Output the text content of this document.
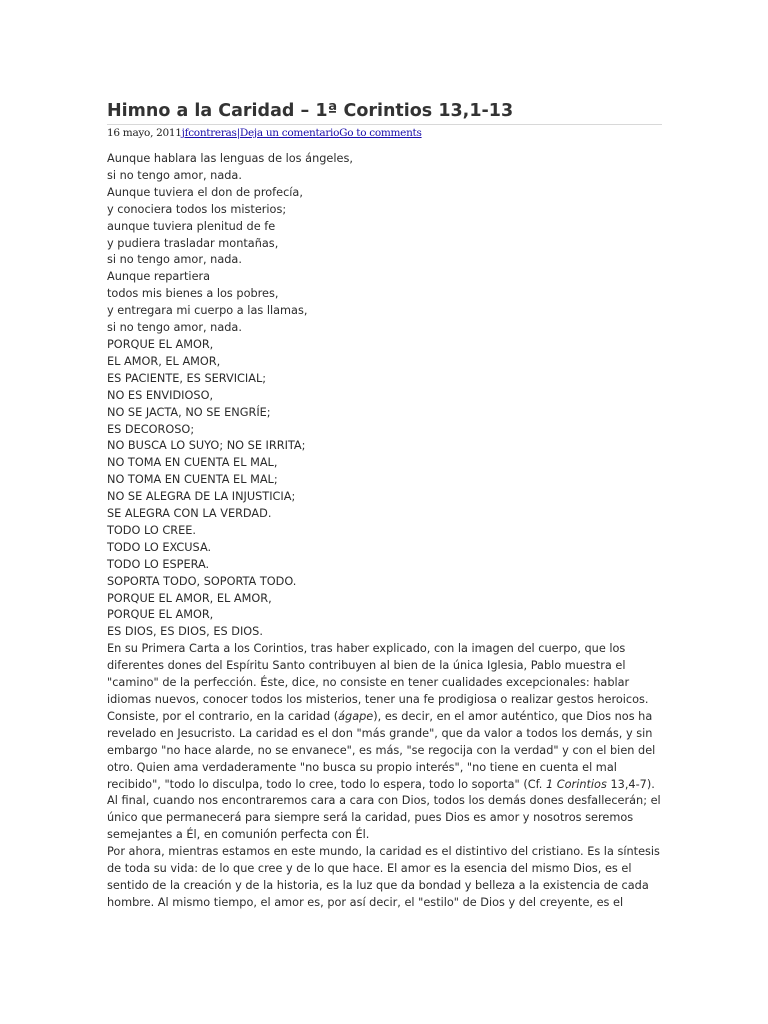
Himno a la Caridad – 1ª Corintios 13,1-13
16 mayo, 2011jfcontreras|Deja un comentarioGo to comments
Aunque hablara las lenguas de los ángeles,
si no tengo amor, nada.
Aunque tuviera el don de profecía,
y conociera todos los misterios;
aunque tuviera plenitud de fe
y pudiera trasladar montañas,
si no tengo amor, nada.
Aunque repartiera
todos mis bienes a los pobres,
y entregara mi cuerpo a las llamas,
si no tengo amor, nada.
PORQUE EL AMOR,
EL AMOR, EL AMOR,
ES PACIENTE, ES SERVICIAL;
NO ES ENVIDIOSO,
NO SE JACTA, NO SE ENGRÍE;
ES DECOROSO;
NO BUSCA LO SUYO; NO SE IRRITA;
NO TOMA EN CUENTA EL MAL,
NO TOMA EN CUENTA EL MAL;
NO SE ALEGRA DE LA INJUSTICIA;
SE ALEGRA CON LA VERDAD.
TODO LO CREE.
TODO LO EXCUSA.
TODO LO ESPERA.
SOPORTA TODO, SOPORTA TODO.
PORQUE EL AMOR, EL AMOR,
PORQUE EL AMOR,
ES DIOS, ES DIOS, ES DIOS.

En su Primera Carta a los Corintios, tras haber explicado, con la imagen del cuerpo, que los diferentes dones del Espíritu Santo contribuyen al bien de la única Iglesia, Pablo muestra el "camino" de la perfección. Éste, dice, no consiste en tener cualidades excepcionales: hablar idiomas nuevos, conocer todos los misterios, tener una fe prodigiosa o realizar gestos heroicos. Consiste, por el contrario, en la caridad (ágape), es decir, en el amor auténtico, que Dios nos ha revelado en Jesucristo. La caridad es el don "más grande", que da valor a todos los demás, y sin embargo "no hace alarde, no se envanece", es más, "se regocija con la verdad" y con el bien del otro. Quien ama verdaderamente "no busca su propio interés", "no tiene en cuenta el mal recibido", "todo lo disculpa, todo lo cree, todo lo espera, todo lo soporta" (Cf. 1 Corintios 13,4-7). Al final, cuando nos encontraremos cara a cara con Dios, todos los demás dones desfallecerán; el único que permanecerá para siempre será la caridad, pues Dios es amor y nosotros seremos semejantes a Él, en comunión perfecta con Él.

Por ahora, mientras estamos en este mundo, la caridad es el distintivo del cristiano. Es la síntesis de toda su vida: de lo que cree y de lo que hace. El amor es la esencia del mismo Dios, es el sentido de la creación y de la historia, es la luz que da bondad y belleza a la existencia de cada hombre. Al mismo tiempo, el amor es, por así decir, el "estilo" de Dios y del creyente, es el
